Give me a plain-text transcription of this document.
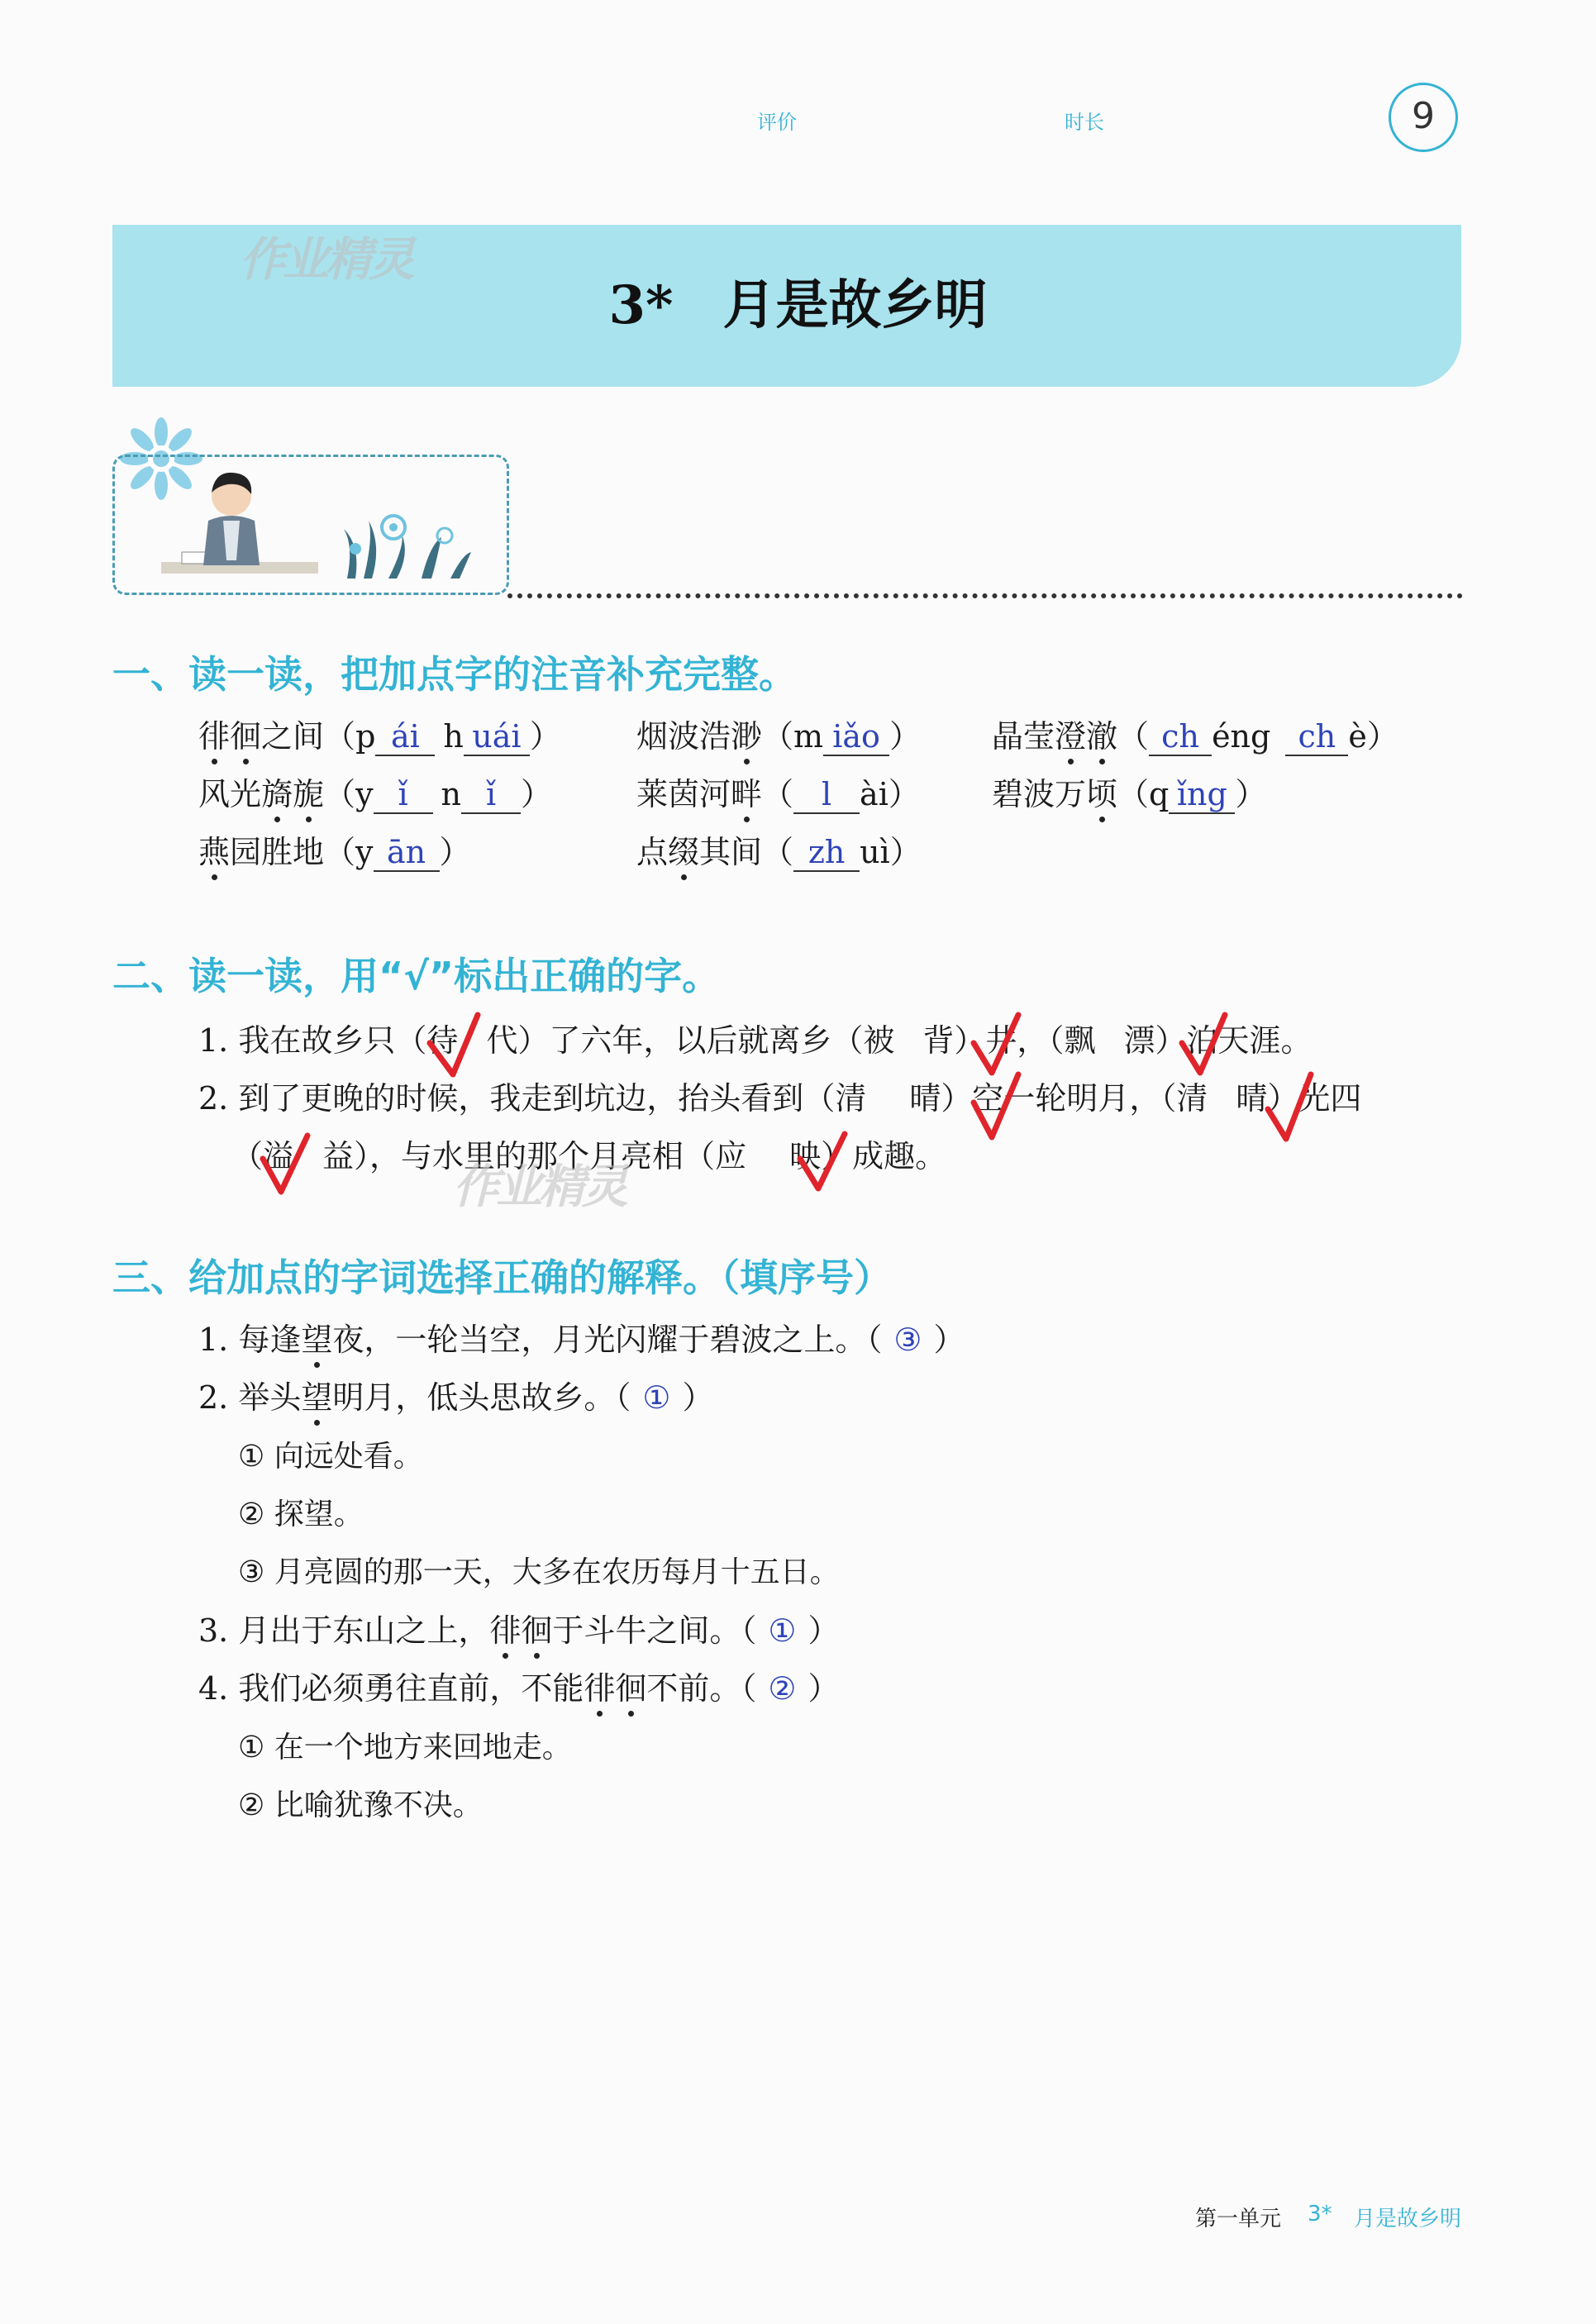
评价	时长	9
作业精灵
3* 月是故乡明
一、读一读，把加点字的注音补充完整。
徘徊之间（p ái h uái ） 烟波浩渺（m iǎo ） 晶莹澄澈（ ch éng ch è）
风光旖旎（y ǐ n ǐ ）	莱茵河畔（ l ài） 碧波万顷（q ǐng ）
燕园胜地（y ān ）	点缀其间（ zh uì）
二、读一读，用“√”标出正确的字。
1. 我在故乡只（待 代）了六年，以后就离乡（被 背）井，（飘 漂）泊天涯。
2. 到了更晚的时候，我走到坑边，抬头看到（清 晴）空一轮明月，（清 晴）光四
（溢 益），与水里的那个月亮相（应 映）成趣。
作业精灵
三、给加点的字词选择正确的解释。（填序号）
1. 每逢望夜，一轮当空，月光闪耀于碧波之上。（ ③ ）
2. 举头望明月，低头思故乡。（ ① ）
① 向远处看。
② 探望。
③ 月亮圆的那一天，大多在农历每月十五日。
3. 月出于东山之上，徘徊于斗牛之间。（ ① ）
4. 我们必须勇往直前，不能徘徊不前。（ ② ）
① 在一个地方来回地走。
② 比喻犹豫不决。
第一单元 3* 月是故乡明
